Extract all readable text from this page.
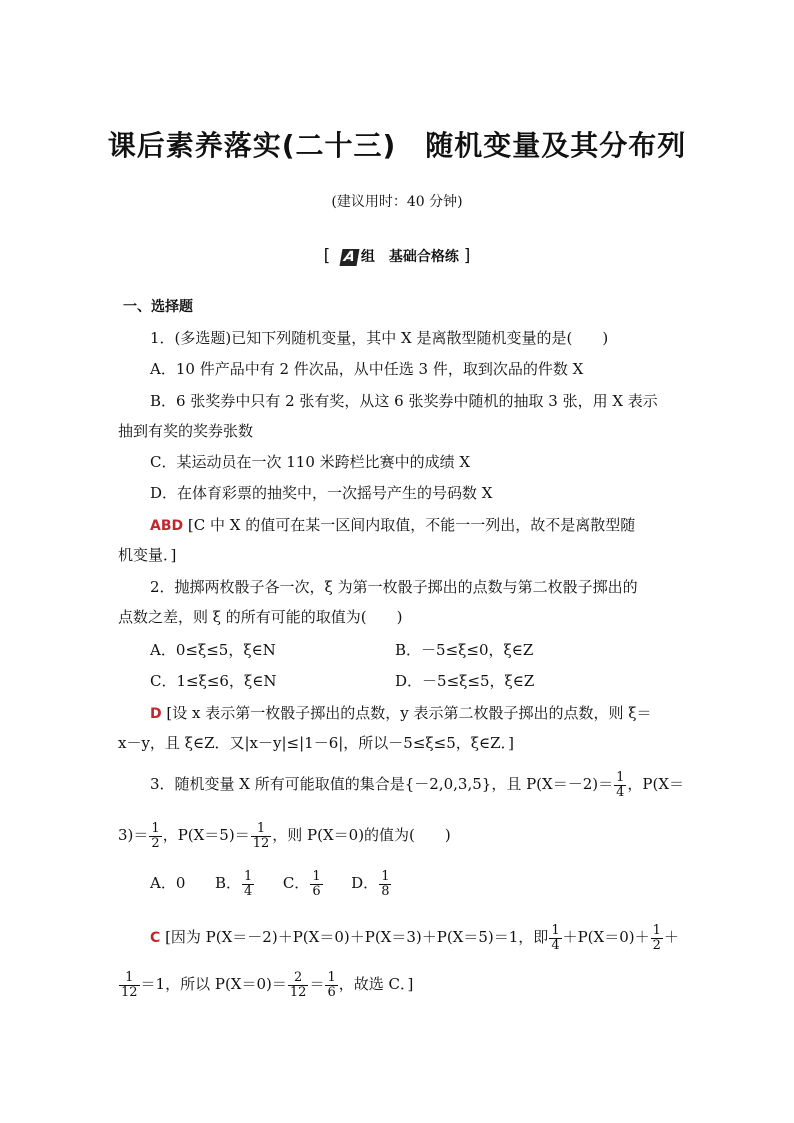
课后素养落实(二十三)　随机变量及其分布列
(建议用时：40 分钟)
[ A 组　基础合格练 ]
一、选择题
1．(多选题)已知下列随机变量，其中 X 是离散型随机变量的是(　　)
A．10 件产品中有 2 件次品，从中任选 3 件，取到次品的件数 X
B．6 张奖券中只有 2 张有奖，从这 6 张奖券中随机的抽取 3 张，用 X 表示
抽到有奖的奖券张数
C．某运动员在一次 110 米跨栏比赛中的成绩 X
D．在体育彩票的抽奖中，一次摇号产生的号码数 X
ABD [C 中 X 的值可在某一区间内取值，不能一一列出，故不是离散型随
机变量．]
2．抛掷两枚骰子各一次，ξ 为第一枚骰子掷出的点数与第二枚骰子掷出的
点数之差，则 ξ 的所有可能的取值为(　　)
A．0≤ξ≤5，ξ∈N	B．－5≤ξ≤0，ξ∈Z
C．1≤ξ≤6，ξ∈N	D．－5≤ξ≤5，ξ∈Z
D [设 x 表示第一枚骰子掷出的点数，y 表示第二枚骰子掷出的点数，则 ξ＝
x－y，且 ξ∈Z．又|x－y|≤|1－6|，所以－5≤ξ≤5，ξ∈Z．]
3．随机变量 X 所有可能取值的集合是{－2,0,3,5}，且 $P(X=-2)= \frac{1}{4}$ ，P(X＝
$3)= \frac{1}{2}$ ，$P(X=5)= \frac{1}{12}$ ，则 P(X＝0)的值为(　　)
A．0 B． $\frac{1}{4}$ C． $\frac{1}{6}$ D． $\frac{1}{8}$
C [因为 P(X＝－2)＋P(X＝0)＋P(X＝3)＋P(X＝5)＝1，即 $\frac{1}{4} +P(X=0)+ \frac{1}{2}$ ＋
$\frac{1}{12} =1$，所以 $P(X=0)= \frac{2}{12} = \frac{1}{6}$ ，故选 C．]
